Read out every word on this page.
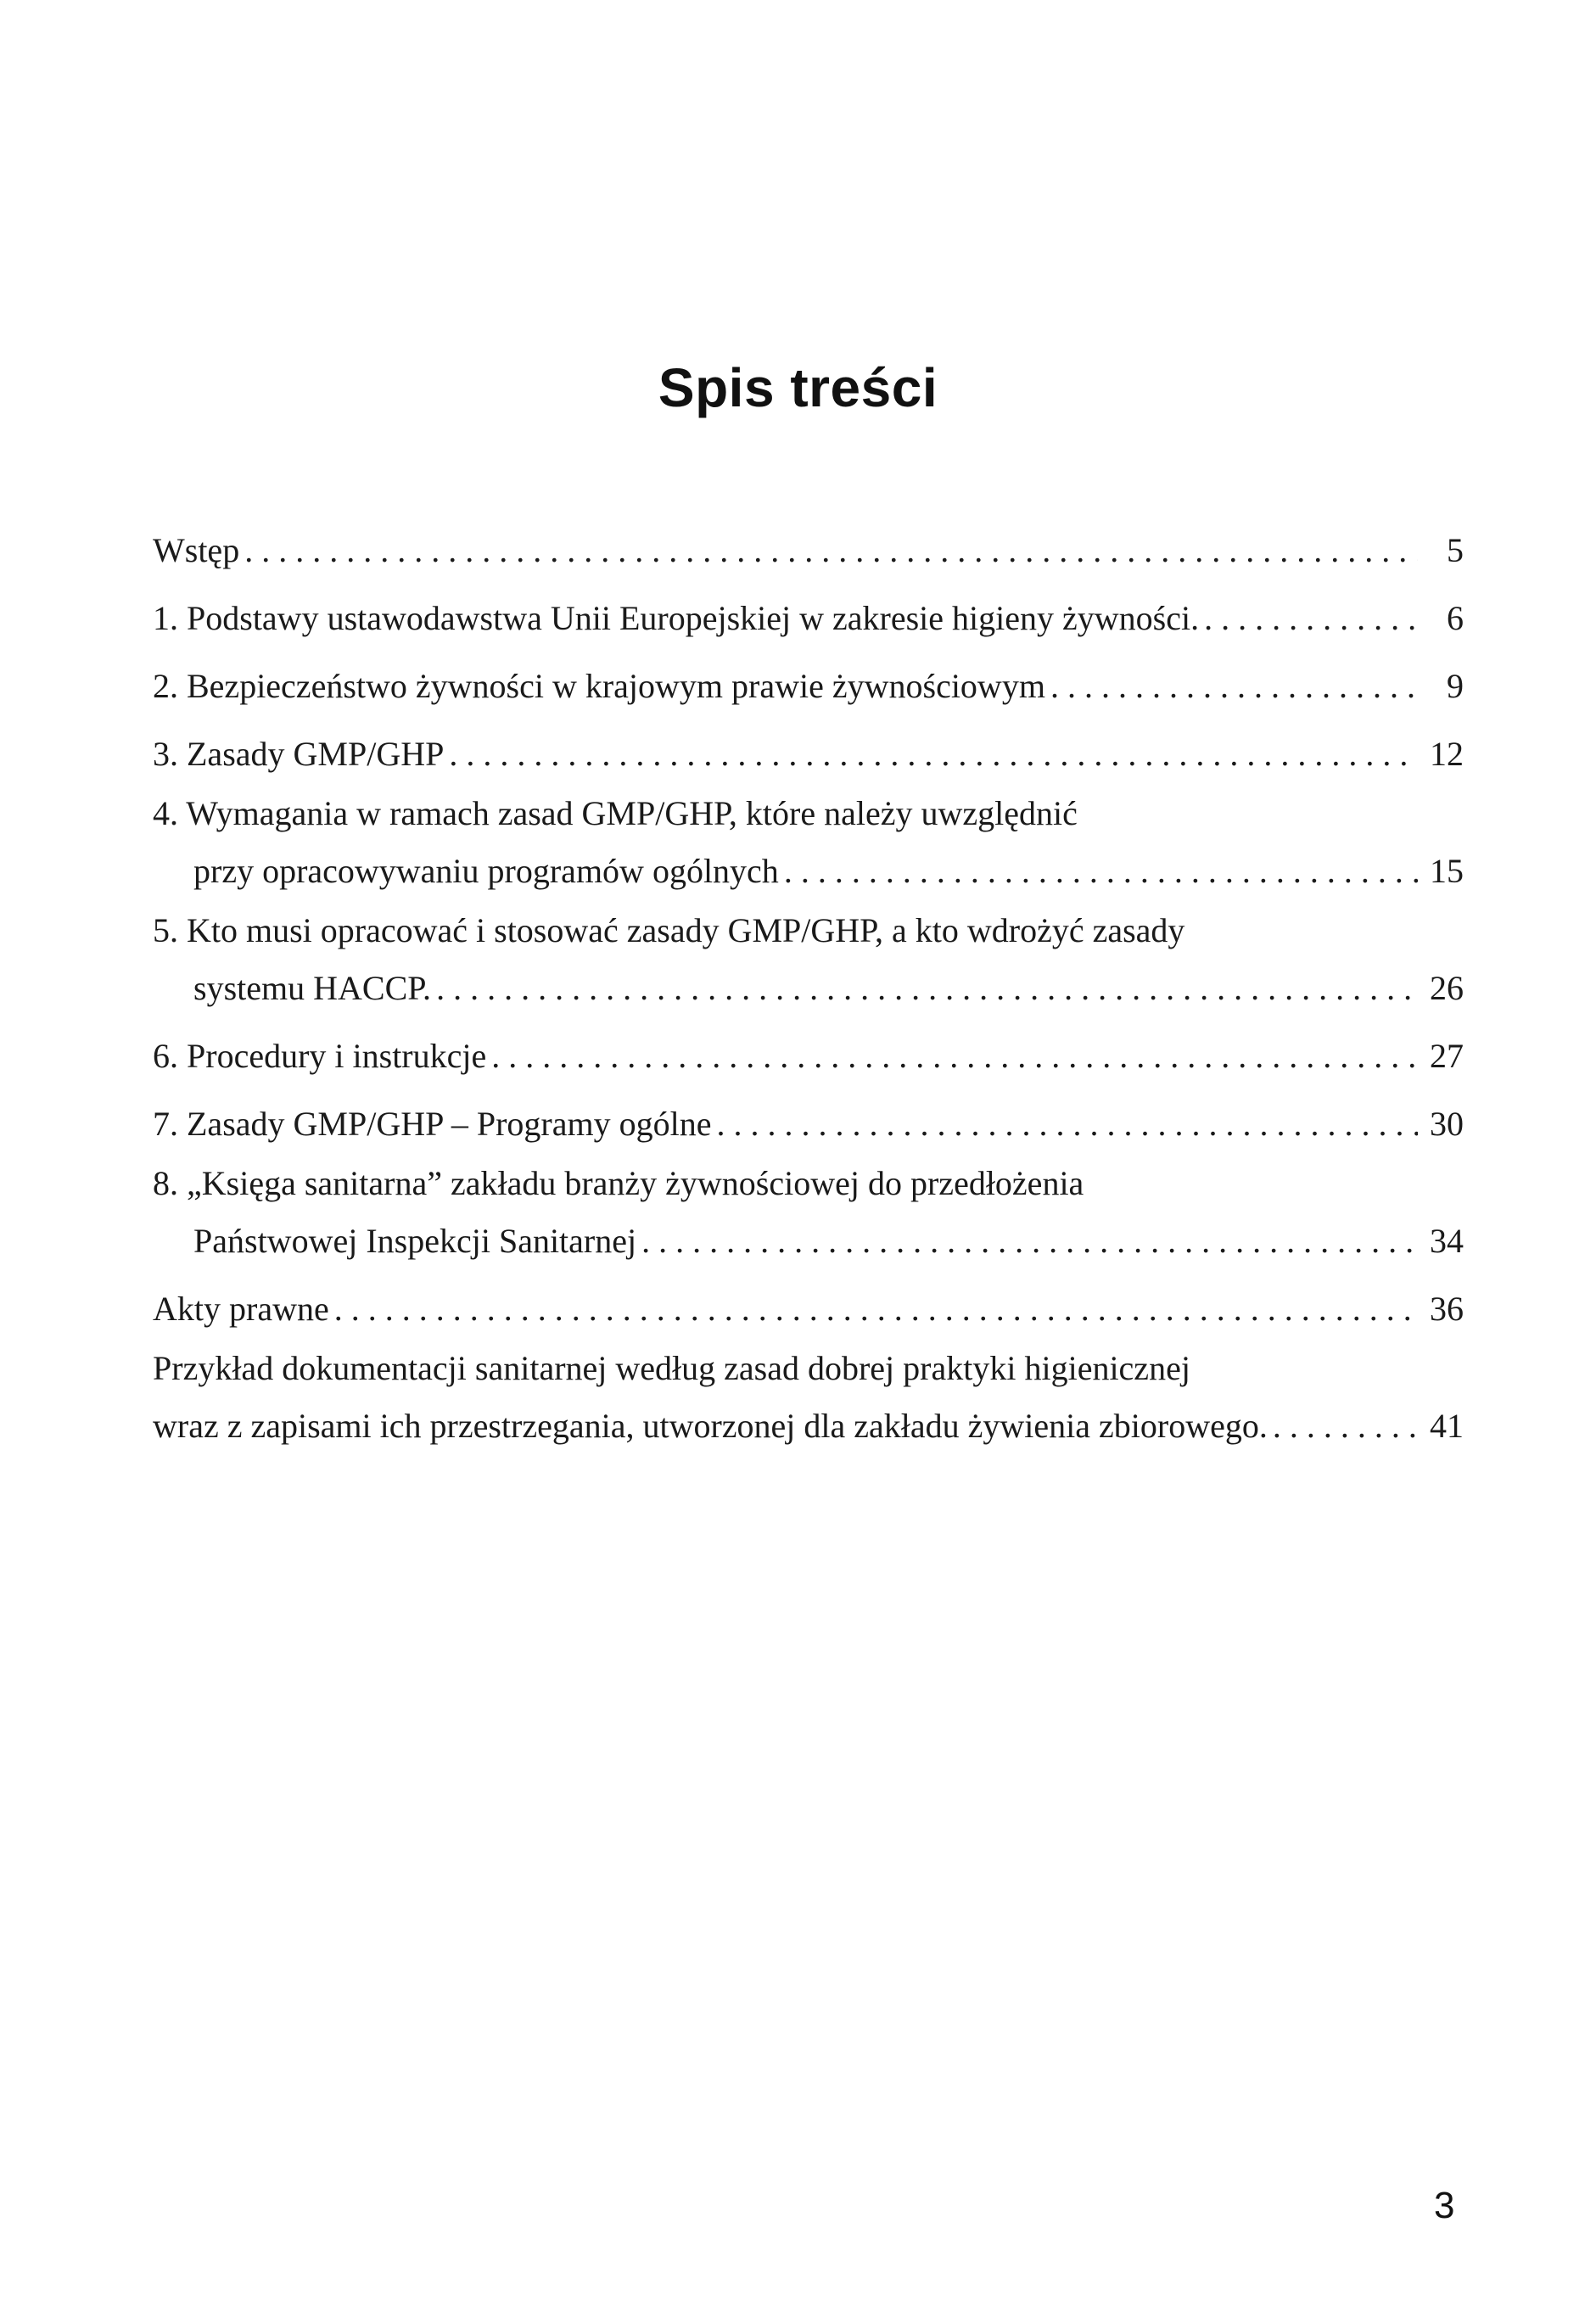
Spis treści
Wstęp . . .	5
1. Podstawy ustawodawstwa Unii Europejskiej w zakresie higieny żywności. . . .	6
2. Bezpieczeństwo żywności w krajowym prawie żywnościowym . . .	9
3. Zasady GMP/GHP . . .	12
4. Wymagania w ramach zasad GMP/GHP, które należy uwzględnić
przy opracowywaniu programów ogólnych . . .	15
5. Kto musi opracować i stosować zasady GMP/GHP, a kto wdrożyć zasady
systemu HACCP. . . .	26
6. Procedury i instrukcje . . .	27
7. Zasady GMP/GHP – Programy ogólne . . .	30
8. „Księga sanitarna” zakładu branży żywnościowej do przedłożenia
Państwowej Inspekcji Sanitarnej . . .	34
Akty prawne . . .	36
Przykład dokumentacji sanitarnej według zasad dobrej praktyki higienicznej
wraz z zapisami ich przestrzegania, utworzonej dla zakładu żywienia zbiorowego. . . .	41
3
